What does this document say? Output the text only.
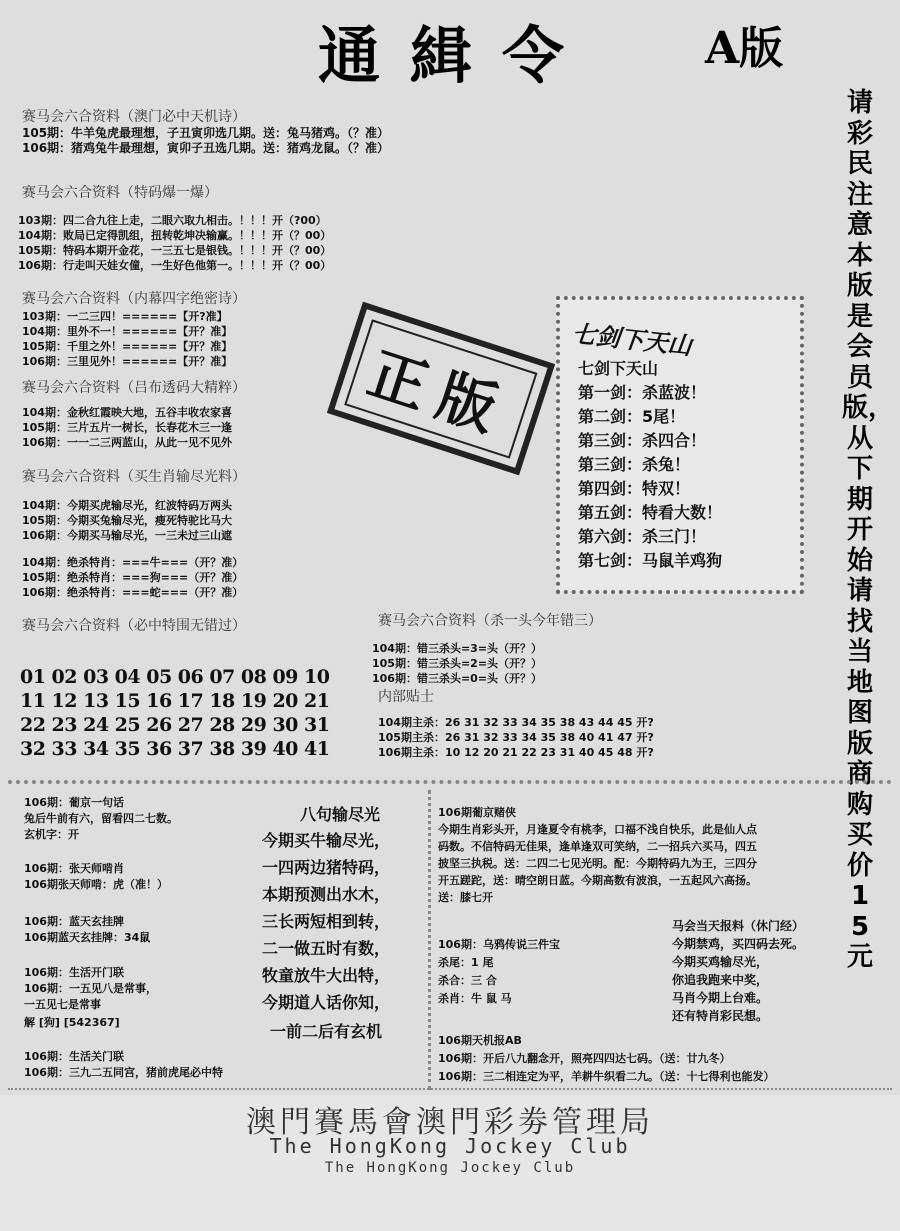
通緝令	A版
请彩民注意本版是会员版，从下期开始请找当地图版商购买价15元
赛马会六合资料（澳门必中天机诗）
105期：牛羊兔虎最理想，子丑寅卯选几期。送：兔马猪鸡。（？准）
106期：猪鸡兔牛最理想，寅卯子丑选几期。送：猪鸡龙鼠。（？准）
赛马会六合资料（特码爆一爆）
103期：四二合九往上走，二眼六取九相击。！！！开（?00）
104期：败局已定得凯组，扭转乾坤决输赢。！！！开（？00）
105期：特码本期开金花，一三五七是银钱。！！！开（？00）
106期：行走叫天娃女僮，一生好色他第一。！！！开（？00）
赛马会六合资料（内幕四字绝密诗）
103期：一二三四！======【开?准】
104期：里外不一！======【开？准】
105期：千里之外！======【开？准】
106期：三里见外！======【开？准】 正版
赛马会六合资料（吕布透码大精粹）
104期：金秋红霞映大地，五谷丰收农家喜
105期：三片五片一树长，长春花木三一逢
106期：一一二三两蓝山，从此一见不见外
赛马会六合资料（买生肖输尽光料）
104期：今期买虎输尽光，红波特码万两头
105期：今期买兔输尽光，瘦死特驼比马大
106期：今期买马输尽光，一三未过三山遮
104期：绝杀特肖：===牛===（开？准）
105期：绝杀特肖：===狗===（开？准）
106期：绝杀特肖：===蛇===（开？准）
七剑下天山
七剑下天山
第一剑：杀蓝波！
第二剑：5尾！
第三剑：杀四合！
第三剑：杀兔！
第四剑：特双！
第五剑：特看大数！
第六剑：杀三门！
第七剑：马鼠羊鸡狗
赛马会六合资料（必中特围无错过）
01 02 03 04 05 06 07 08 09 10
11 12 13 15 16 17 18 19 20 21
22 23 24 25 26 27 28 29 30 31
32 33 34 35 36 37 38 39 40 41
赛马会六合资料（杀一头今年错三）
104期：错三杀头=3=头（开？）
105期：错三杀头=2=头（开？）
106期：错三杀头=0=头（开？）
内部贴士
104期主杀：26 31 32 33 34 35 38 43 44 45 开?
105期主杀：26 31 32 33 34 35 38 40 41 47 开?
106期主杀：10 12 20 21 22 23 31 40 45 48 开?
106期：葡京一句话
兔后牛前有六，留看四二七数。
玄机字：开
106期：张天师啃肖
106期张天师啃：虎（准！）
106期：蓝天玄挂牌
106期蓝天玄挂牌：34鼠
106期：生活开门联
106期：一五见八是常事，
一五见七是常事
解 [狗] [542367]
106期：生活关门联
106期：三九二五同宫，猪前虎尾必中特
八句输尽光
今期买牛输尽光，
一四两边猪特码，
本期预测出水木，
三长两短相到转，
二一做五时有数，
牧童放牛大出特，
今期道人话你知，
一前二后有玄机
106期葡京赌侠
今期生肖彩头开，月逢夏令有桃李，口福不浅自快乐，此是仙人点
码数。不信特码无佳果，逢单逢双可笑纳，二一招兵六买马，四五
披坚三执税。送：二四二七见光明。配：今期特码九为王，三四分
开五蹉跎，送：晴空朗日蓝。今期高数有波浪，一五起风六高扬。
送：膝七开
106期：乌鸦传说三件宝
杀尾：1 尾
杀合：三 合
杀肖：牛 鼠 马
马会当天报料（休门经）
今期禁鸡，买四码去死。
今期买鸡输尽光，
你追我跑来中奖，
马肖今期上台难。
还有特肖彩民想。
106期天机报AB
106期：开后八九翻念开，照亮四四达七码。（送：廿九冬）
106期：三二相连定为平，羊耕牛织看二九。（送：十七得利也能发）
澳門賽馬會澳門彩劵管理局
The HongKong Jockey Club
The HongKong Jockey Club
